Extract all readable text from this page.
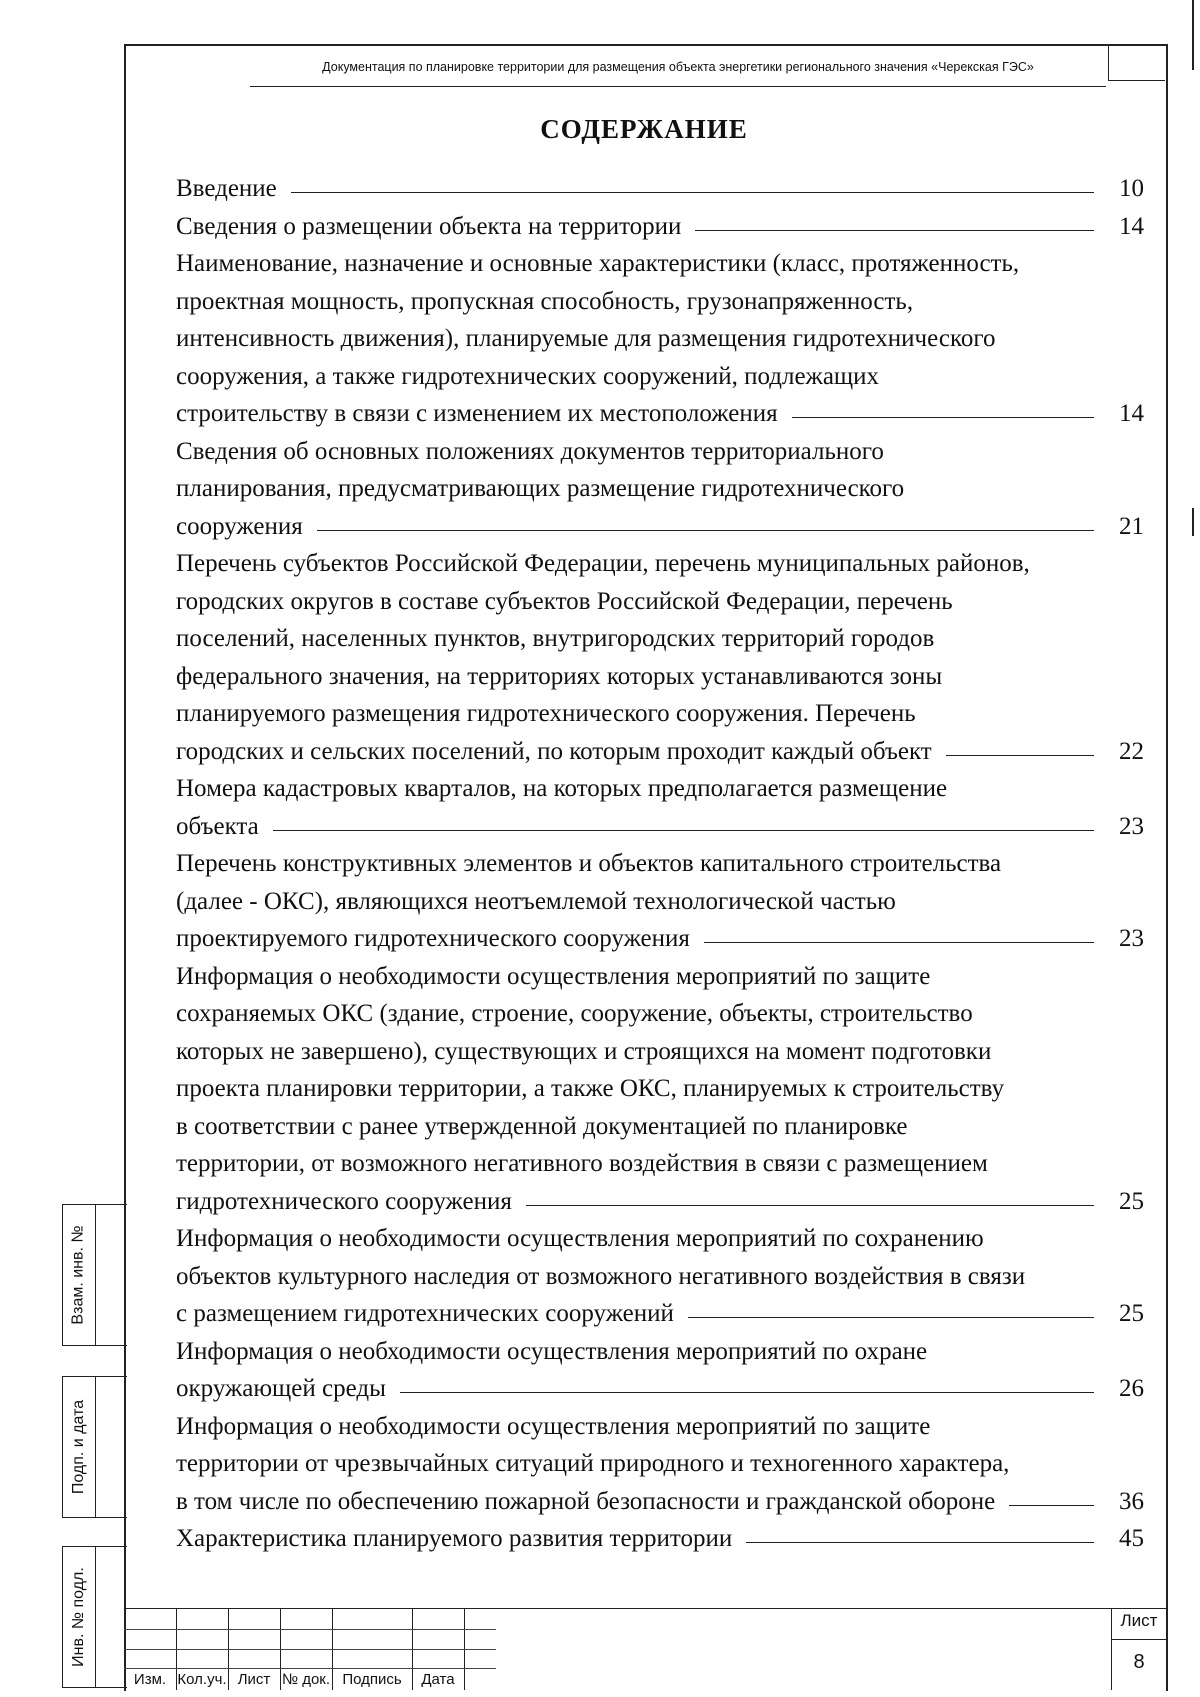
Документация по планировке территории для размещения объекта энергетики регионального значения «Черекская ГЭС»
СОДЕРЖАНИЕ
Введение	10
Сведения о размещении объекта на территории	14
Наименование, назначение и основные характеристики (класс, протяженность,
проектная мощность, пропускная способность, грузонапряженность,
интенсивность движения), планируемые для размещения гидротехнического
сооружения, а также гидротехнических сооружений, подлежащих
строительству в связи с изменением их местоположения	14
Сведения об основных положениях документов территориального
планирования, предусматривающих размещение гидротехнического
сооружения	21
Перечень субъектов Российской Федерации, перечень муниципальных районов,
городских округов в составе субъектов Российской Федерации, перечень
поселений, населенных пунктов, внутригородских территорий городов
федерального значения, на территориях которых устанавливаются зоны
планируемого размещения гидротехнического сооружения. Перечень
городских и сельских поселений, по которым проходит каждый объект	22
Номера кадастровых кварталов, на которых предполагается размещение
объекта	23
Перечень конструктивных элементов и объектов капитального строительства
(далее - ОКС), являющихся неотъемлемой технологической частью
проектируемого гидротехнического сооружения	23
Информация о необходимости осуществления мероприятий по защите
сохраняемых ОКС (здание, строение, сооружение, объекты, строительство
которых не завершено), существующих и строящихся на момент подготовки
проекта планировки территории, а также ОКС, планируемых к строительству
в соответствии с ранее утвержденной документацией по планировке
территории, от возможного негативного воздействия в связи с размещением
гидротехнического сооружения	25
Информация о необходимости осуществления мероприятий по сохранению
объектов культурного наследия от возможного негативного воздействия в связи
с размещением гидротехнических сооружений	25
Информация о необходимости осуществления мероприятий по охране
окружающей среды	26
Информация о необходимости осуществления мероприятий по защите
территории от чрезвычайных ситуаций природного и техногенного характера,
в том числе по обеспечению пожарной безопасности и гражданской обороне	36
Характеристика планируемого развития территории	45
Взам. инв. №
Подп. и дата
Инв. № подл.
Изм. Кол.уч. Лист № док. Подпись	Дата
Лист
8
